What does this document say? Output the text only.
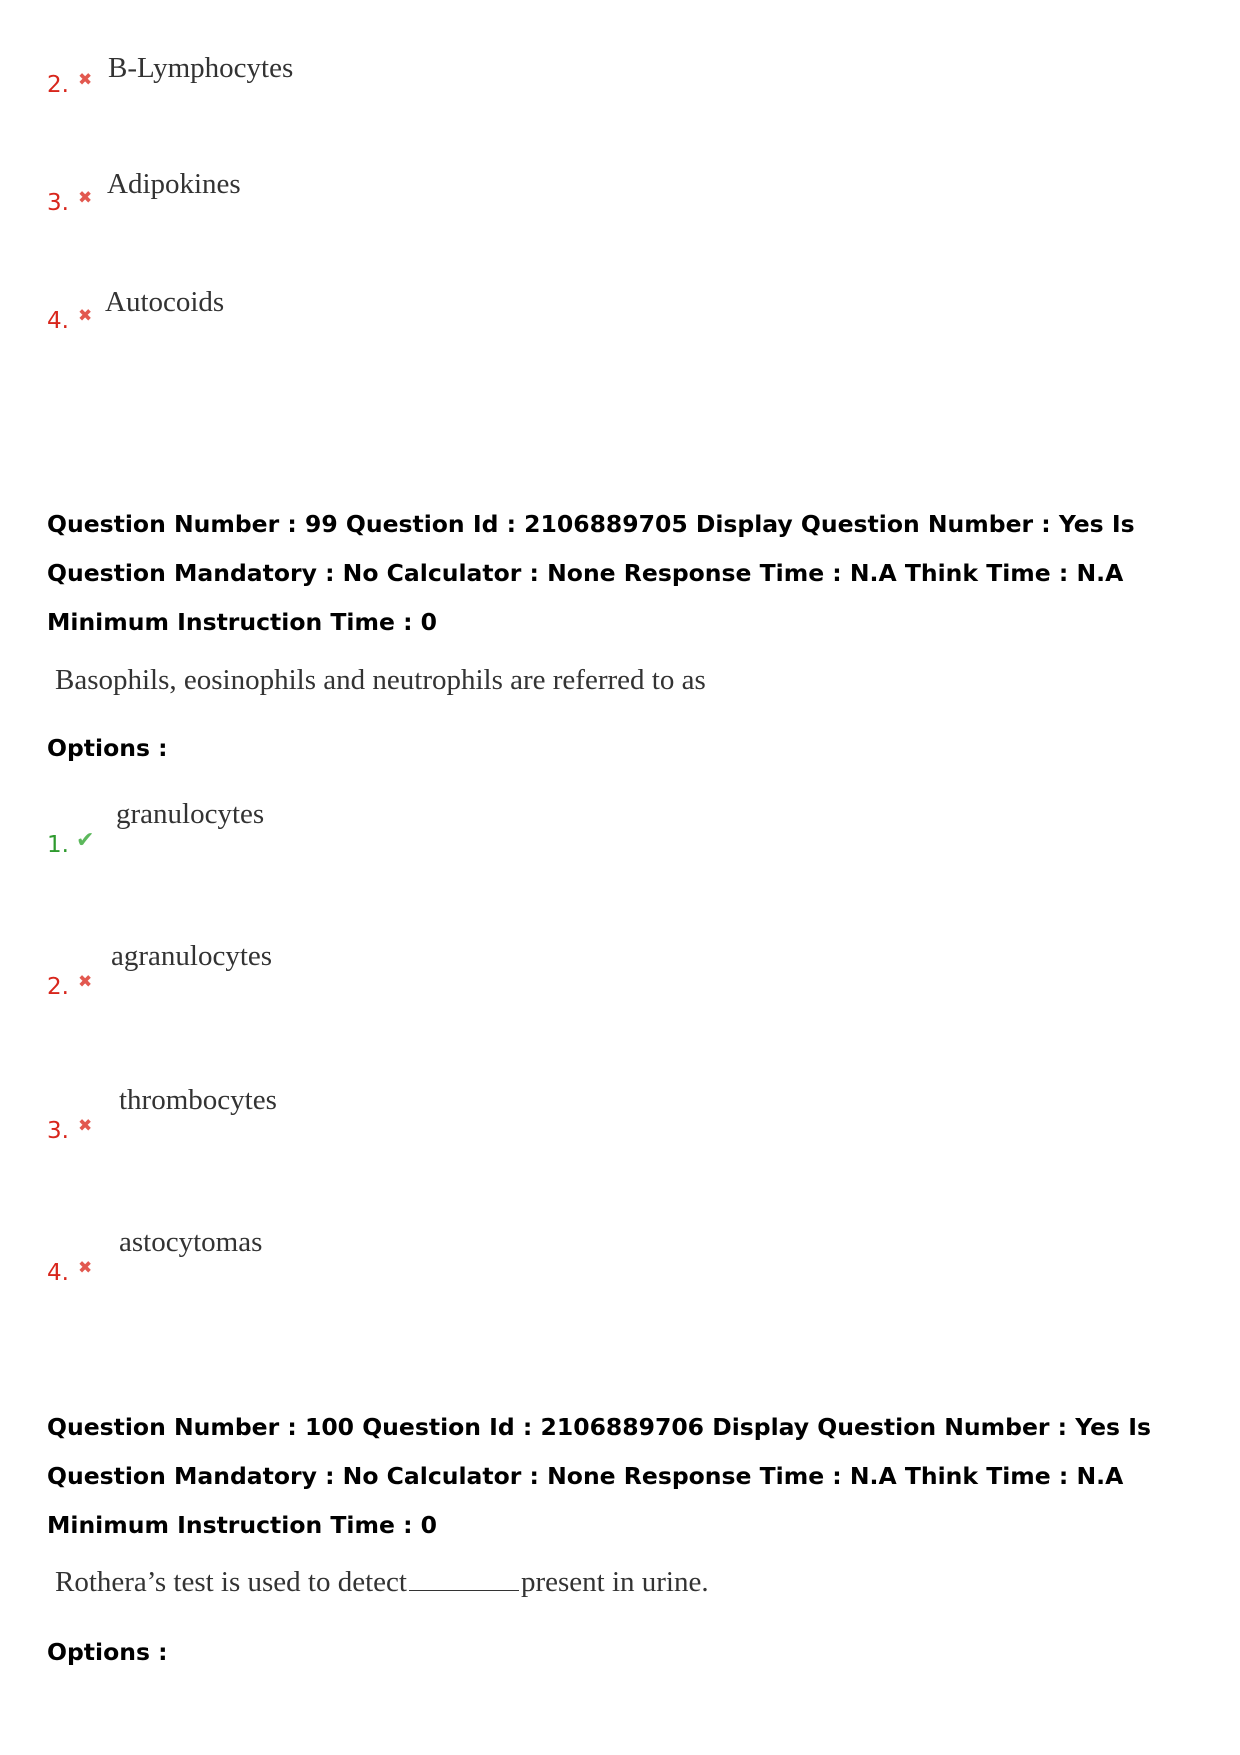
2. ✖ B-Lymphocytes
3. ✖ Adipokines
4. ✖ Autocoids
Question Number : 99 Question Id : 2106889705 Display Question Number : Yes Is Question Mandatory : No Calculator : None Response Time : N.A Think Time : N.A Minimum Instruction Time : 0
Basophils, eosinophils and neutrophils are referred to as
Options :
1. ✔
granulocytes
2. ✖
agranulocytes
3. ✖
thrombocytes
4. ✖
astocytomas
Question Number : 100 Question Id : 2106889706 Display Question Number : Yes Is Question Mandatory : No Calculator : None Response Time : N.A Think Time : N.A Minimum Instruction Time : 0
Rothera’s test is used to detect	present in urine.
Options :
